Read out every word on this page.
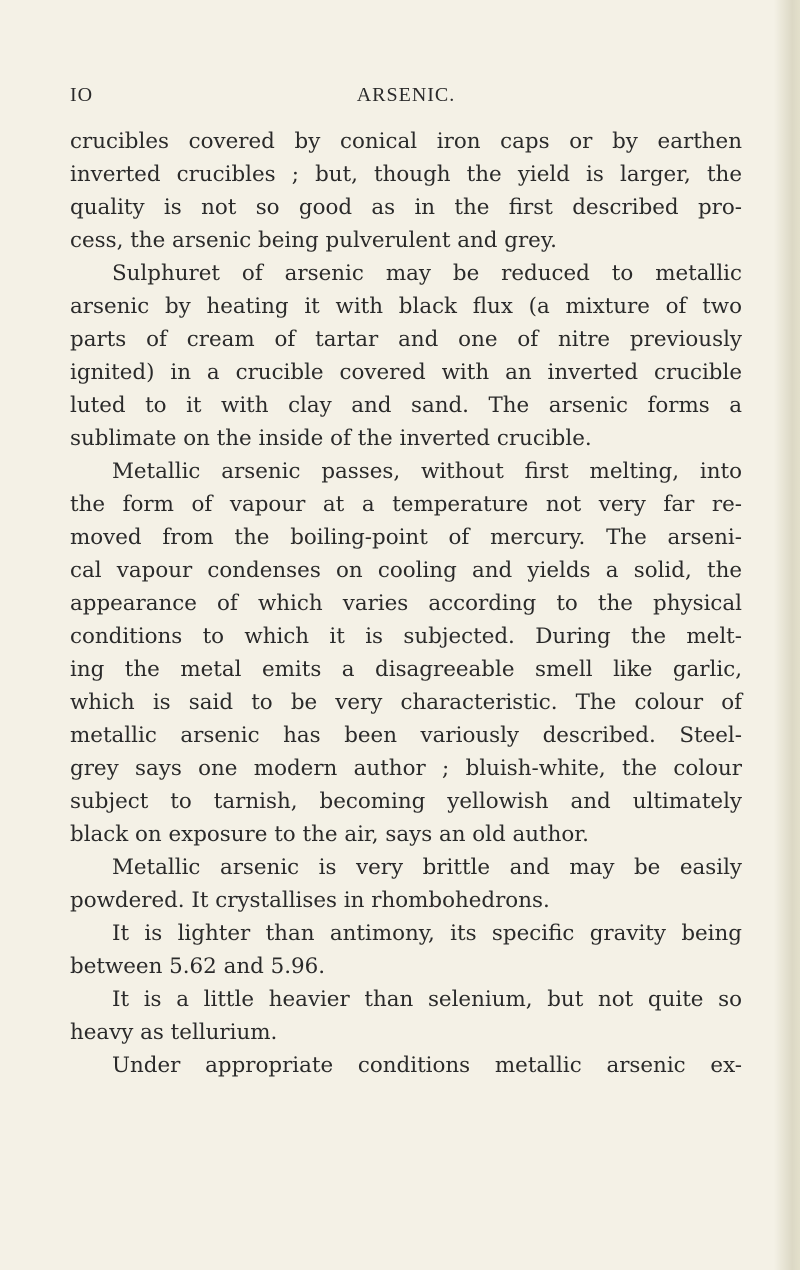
IO	ARSENIC.
crucibles covered by conical iron caps or by earthen
inverted crucibles ; but, though the yield is larger, the
quality is not so good as in the first described pro-
cess, the arsenic being pulverulent and grey.
Sulphuret of arsenic may be reduced to metallic
arsenic by heating it with black flux (a mixture of two
parts of cream of tartar and one of nitre previously
ignited) in a crucible covered with an inverted crucible
luted to it with clay and sand. The arsenic forms a
sublimate on the inside of the inverted crucible.
Metallic arsenic passes, without first melting, into
the form of vapour at a temperature not very far re-
moved from the boiling-point of mercury. The arseni-
cal vapour condenses on cooling and yields a solid, the
appearance of which varies according to the physical
conditions to which it is subjected. During the melt-
ing the metal emits a disagreeable smell like garlic,
which is said to be very characteristic. The colour of
metallic arsenic has been variously described. Steel-
grey says one modern author ; bluish-white, the colour
subject to tarnish, becoming yellowish and ultimately
black on exposure to the air, says an old author.
Metallic arsenic is very brittle and may be easily
powdered. It crystallises in rhombohedrons.
It is lighter than antimony, its specific gravity being
between 5.62 and 5.96.
It is a little heavier than selenium, but not quite so
heavy as tellurium.
Under appropriate conditions metallic arsenic ex-
